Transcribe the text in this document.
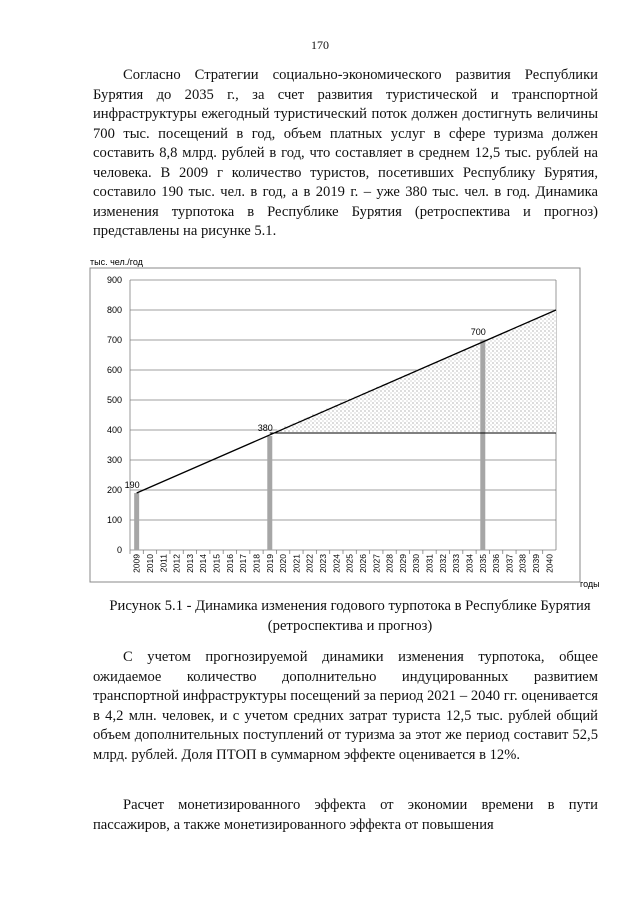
170

Согласно Стратегии социально-экономического развития Республики Бурятия до 2035 г., за счет развития туристической и транспортной инфраструктуры ежегодный туристический поток должен достигнуть величины 700 тыс. посещений в год, объем платных услуг в сфере туризма должен составить 8,8 млрд. рублей в год, что составляет в среднем 12,5 тыс. рублей на человека. В 2009 г количество туристов, посетивших Республику Бурятия, составило 190 тыс. чел. в год, а в 2019 г. – уже 380 тыс. чел. в год. Динамика изменения турпотока в Республике Бурятия (ретроспектива и прогноз) представлены на рисунке 5.1.

тыс. чел./год
годы
190
380
700
0
100
200
300
400
500
600
700
800
900
2009 2010 2011 2012 2013 2014 2015 2016 2017 2018 2019 2020 2021 2022 2023 2024 2025 2026 2027 2028 2029 2030 2031 2032 2033 2034 2035 2036 2037 2038 2039 2040
Рисунок 5.1 - Динамика изменения годового турпотока в Республике Бурятия
(ретроспектива и прогноз)

С учетом прогнозируемой динамики изменения турпотока, общее ожидаемое количество дополнительно индуцированных развитием транспортной инфраструктуры посещений за период 2021 – 2040 гг. оценивается в 4,2 млн. человек, и с учетом средних затрат туриста 12,5 тыс. рублей общий объем дополнительных поступлений от туризма за этот же период составит 52,5 млрд. рублей. Доля ПТОП в суммарном эффекте оценивается в 12%.

Расчет монетизированного эффекта от экономии времени в пути пассажиров, а также монетизированного эффекта от повышения
